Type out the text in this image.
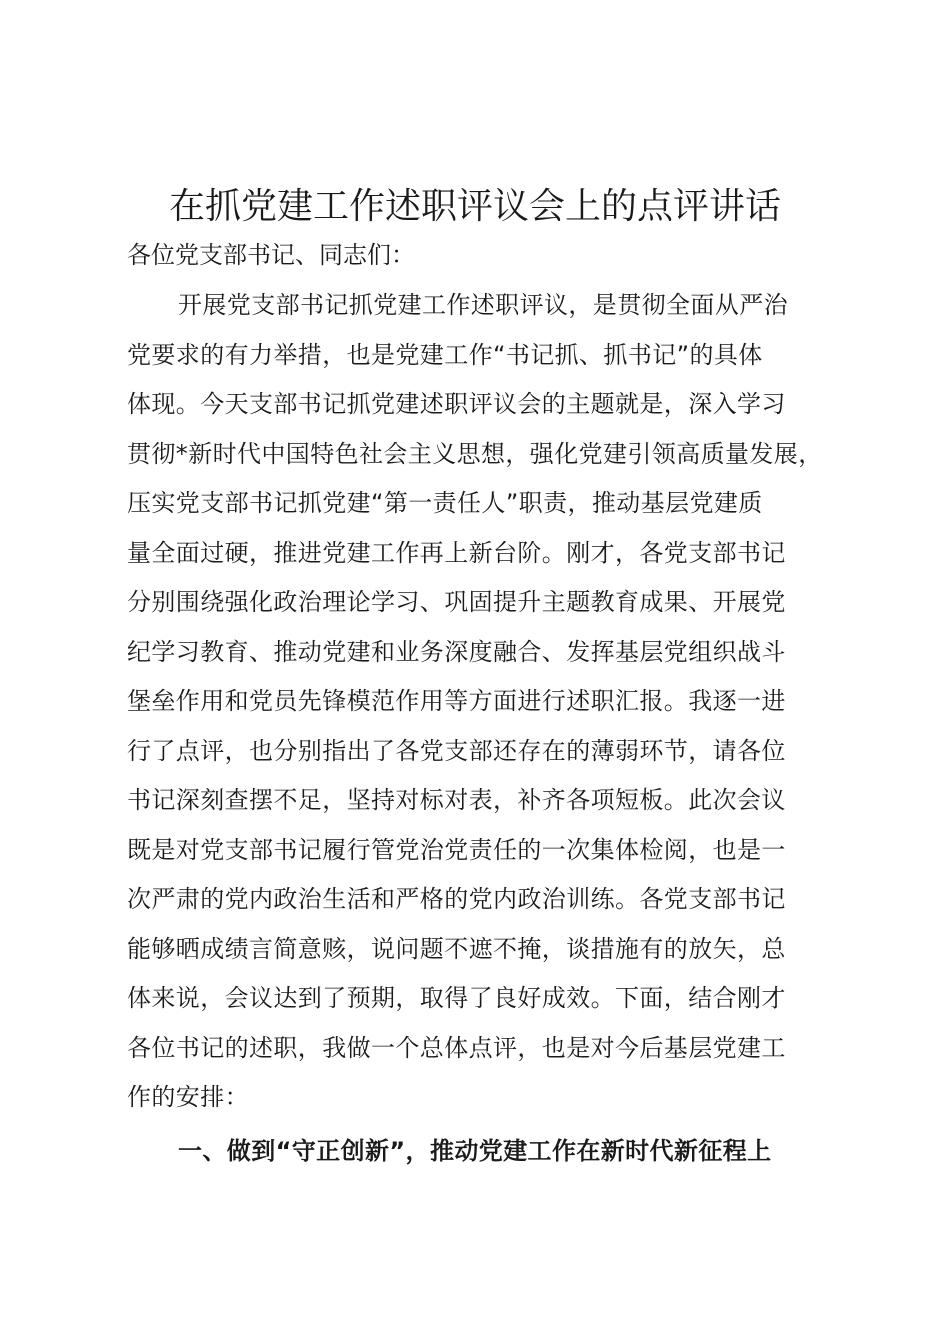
在抓党建工作述职评议会上的点评讲话

各位党支部书记、同志们：

开展党支部书记抓党建工作述职评议，是贯彻全面从严治
党要求的有力举措，也是党建工作“书记抓、抓书记”的具体
体现。今天支部书记抓党建述职评议会的主题就是，深入学习
贯彻*新时代中国特色社会主义思想，强化党建引领高质量发展，
压实党支部书记抓党建“第一责任人”职责，推动基层党建质
量全面过硬，推进党建工作再上新台阶。刚才，各党支部书记
分别围绕强化政治理论学习、巩固提升主题教育成果、开展党
纪学习教育、推动党建和业务深度融合、发挥基层党组织战斗
堡垒作用和党员先锋模范作用等方面进行述职汇报。我逐一进
行了点评，也分别指出了各党支部还存在的薄弱环节，请各位
书记深刻查摆不足，坚持对标对表，补齐各项短板。此次会议
既是对党支部书记履行管党治党责任的一次集体检阅，也是一
次严肃的党内政治生活和严格的党内政治训练。各党支部书记
能够晒成绩言简意赅，说问题不遮不掩，谈措施有的放矢，总
体来说，会议达到了预期，取得了良好成效。下面，结合刚才
各位书记的述职，我做一个总体点评，也是对今后基层党建工
作的安排：

一、做到“守正创新”，推动党建工作在新时代新征程上
